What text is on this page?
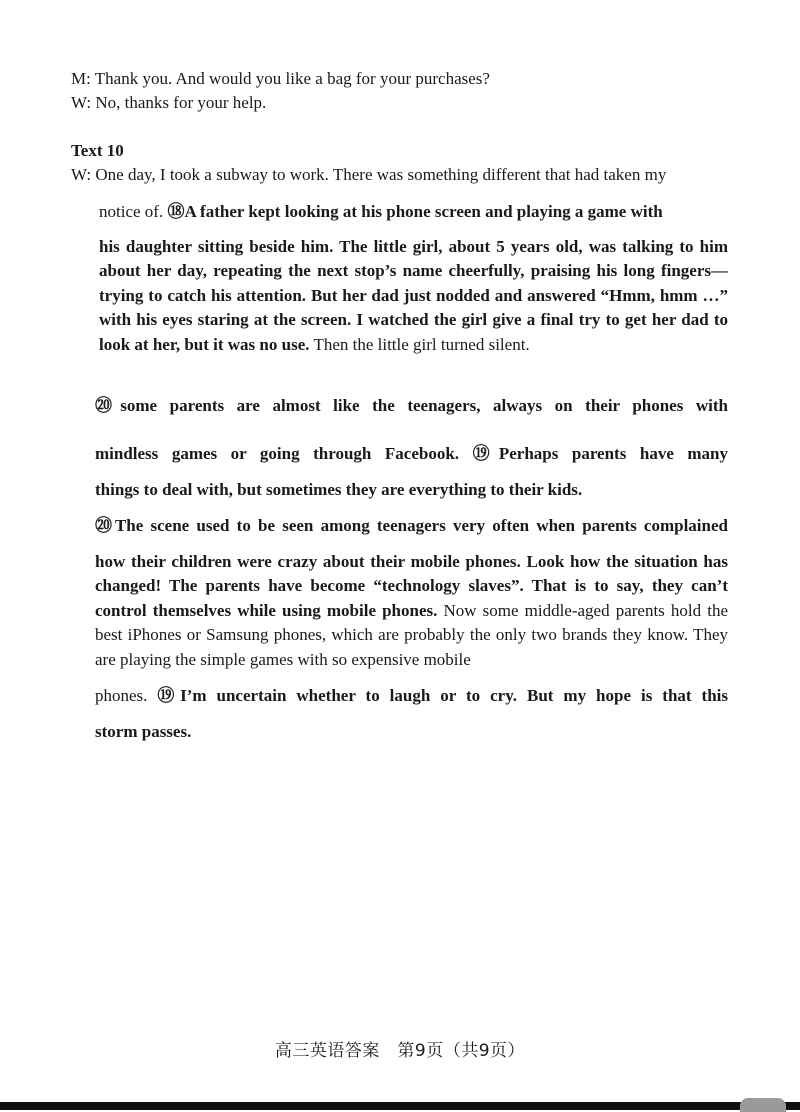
M: Thank you. And would you like a bag for your purchases?
W: No, thanks for your help.
Text 10
W: One day, I took a subway to work. There was something different that had taken my
notice of. ⑱A father kept looking at his phone screen and playing a game with
his daughter sitting beside him. The little girl, about 5 years old, was talking to him about her day, repeating the next stop’s name cheerfully, praising his long fingers—trying to catch his attention. But her dad just nodded and answered “Hmm, hmm …” with his eyes staring at the screen. I watched the girl give a final try to get her dad to look at her, but it was no use. Then the little girl turned silent.
⑳some parents are almost like the teenagers, always on their phones with
mindless games or going through Facebook. ⑲Perhaps parents have many
things to deal with, but sometimes they are everything to their kids.
⑳The scene used to be seen among teenagers very often when parents complained
how their children were crazy about their mobile phones. Look how the situation has changed! The parents have become “technology slaves”. That is to say, they can’t control themselves while using mobile phones. Now some middle-aged parents hold the best iPhones or Samsung phones, which are probably the only two brands they know. They are playing the simple games with so expensive mobile
phones. ⑲I’m uncertain whether to laugh or to cry. But my hope is that this
storm passes.
高三英语答案　第9页（共9页）
